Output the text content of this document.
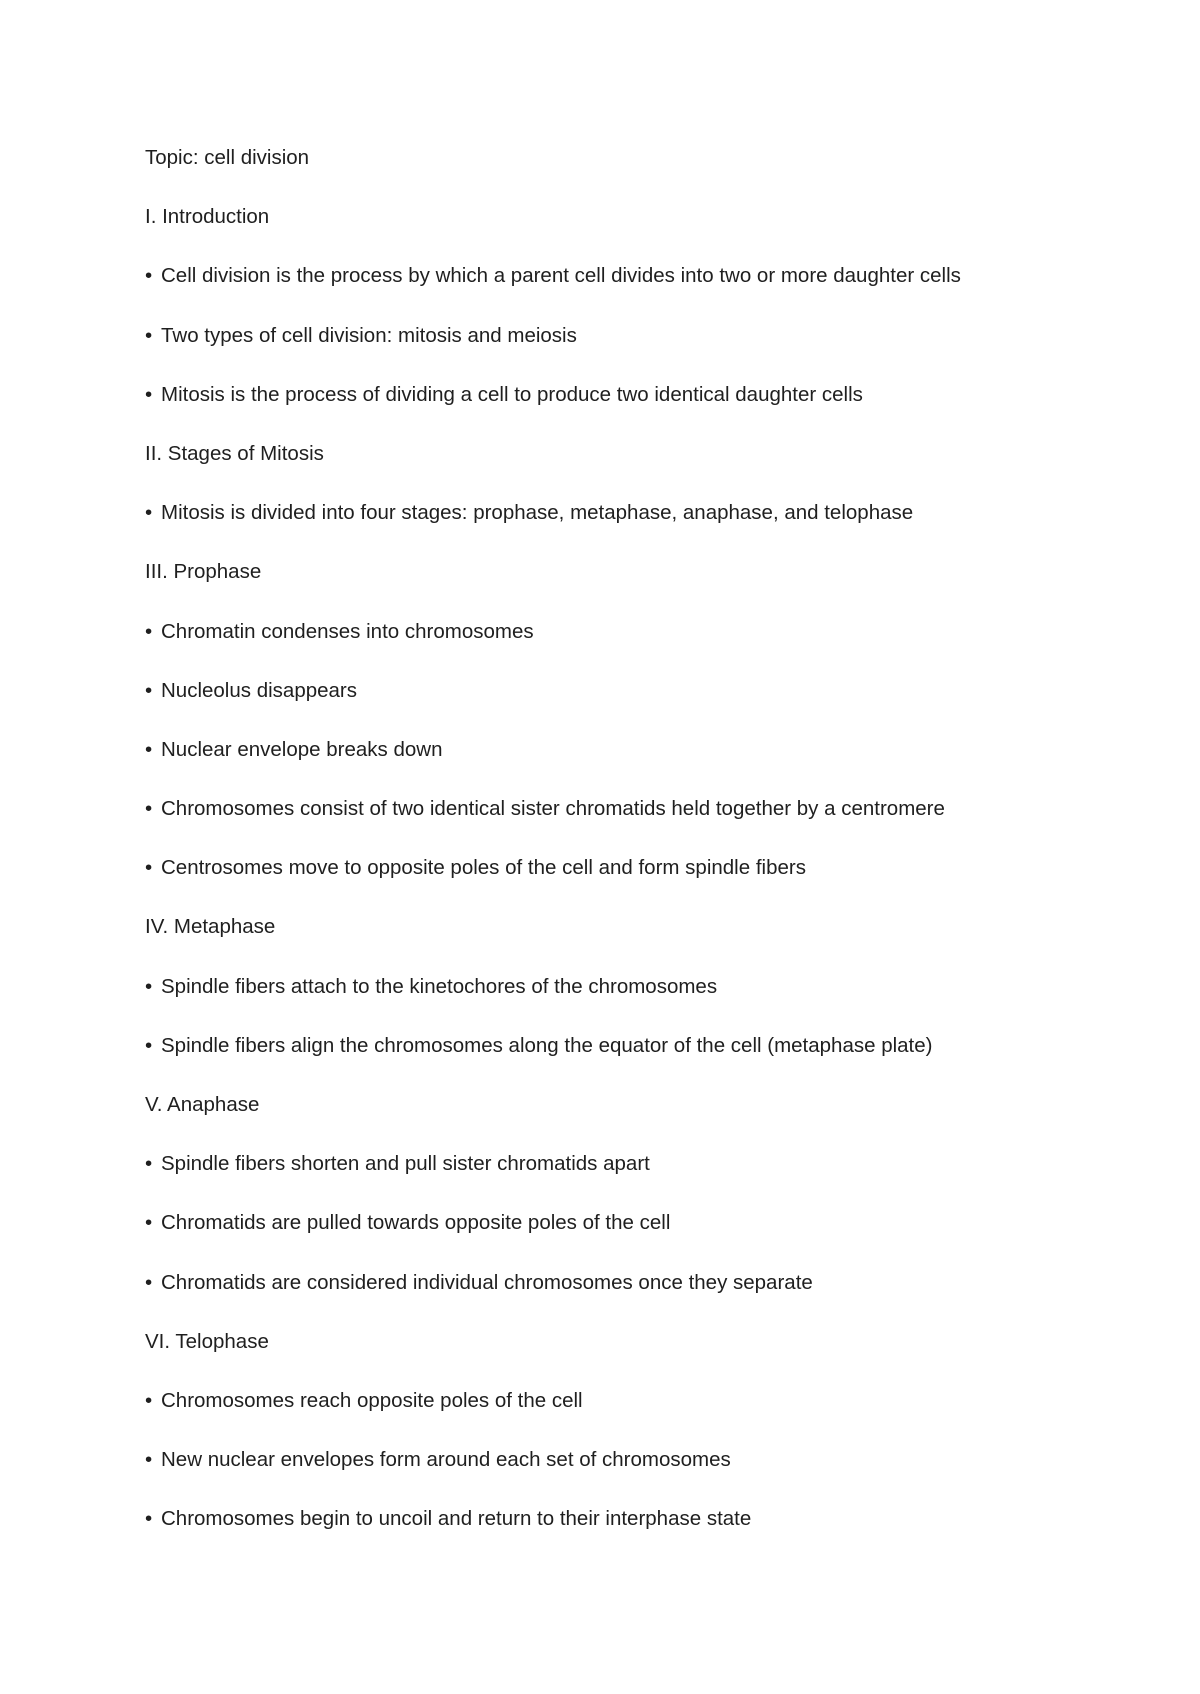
Topic: cell division
I. Introduction
• Cell division is the process by which a parent cell divides into two or more daughter cells
• Two types of cell division: mitosis and meiosis
• Mitosis is the process of dividing a cell to produce two identical daughter cells
II. Stages of Mitosis
• Mitosis is divided into four stages: prophase, metaphase, anaphase, and telophase
III. Prophase
• Chromatin condenses into chromosomes
• Nucleolus disappears
• Nuclear envelope breaks down
• Chromosomes consist of two identical sister chromatids held together by a centromere
• Centrosomes move to opposite poles of the cell and form spindle fibers
IV. Metaphase
• Spindle fibers attach to the kinetochores of the chromosomes
• Spindle fibers align the chromosomes along the equator of the cell (metaphase plate)
V. Anaphase
• Spindle fibers shorten and pull sister chromatids apart
• Chromatids are pulled towards opposite poles of the cell
• Chromatids are considered individual chromosomes once they separate
VI. Telophase
• Chromosomes reach opposite poles of the cell
• New nuclear envelopes form around each set of chromosomes
• Chromosomes begin to uncoil and return to their interphase state
